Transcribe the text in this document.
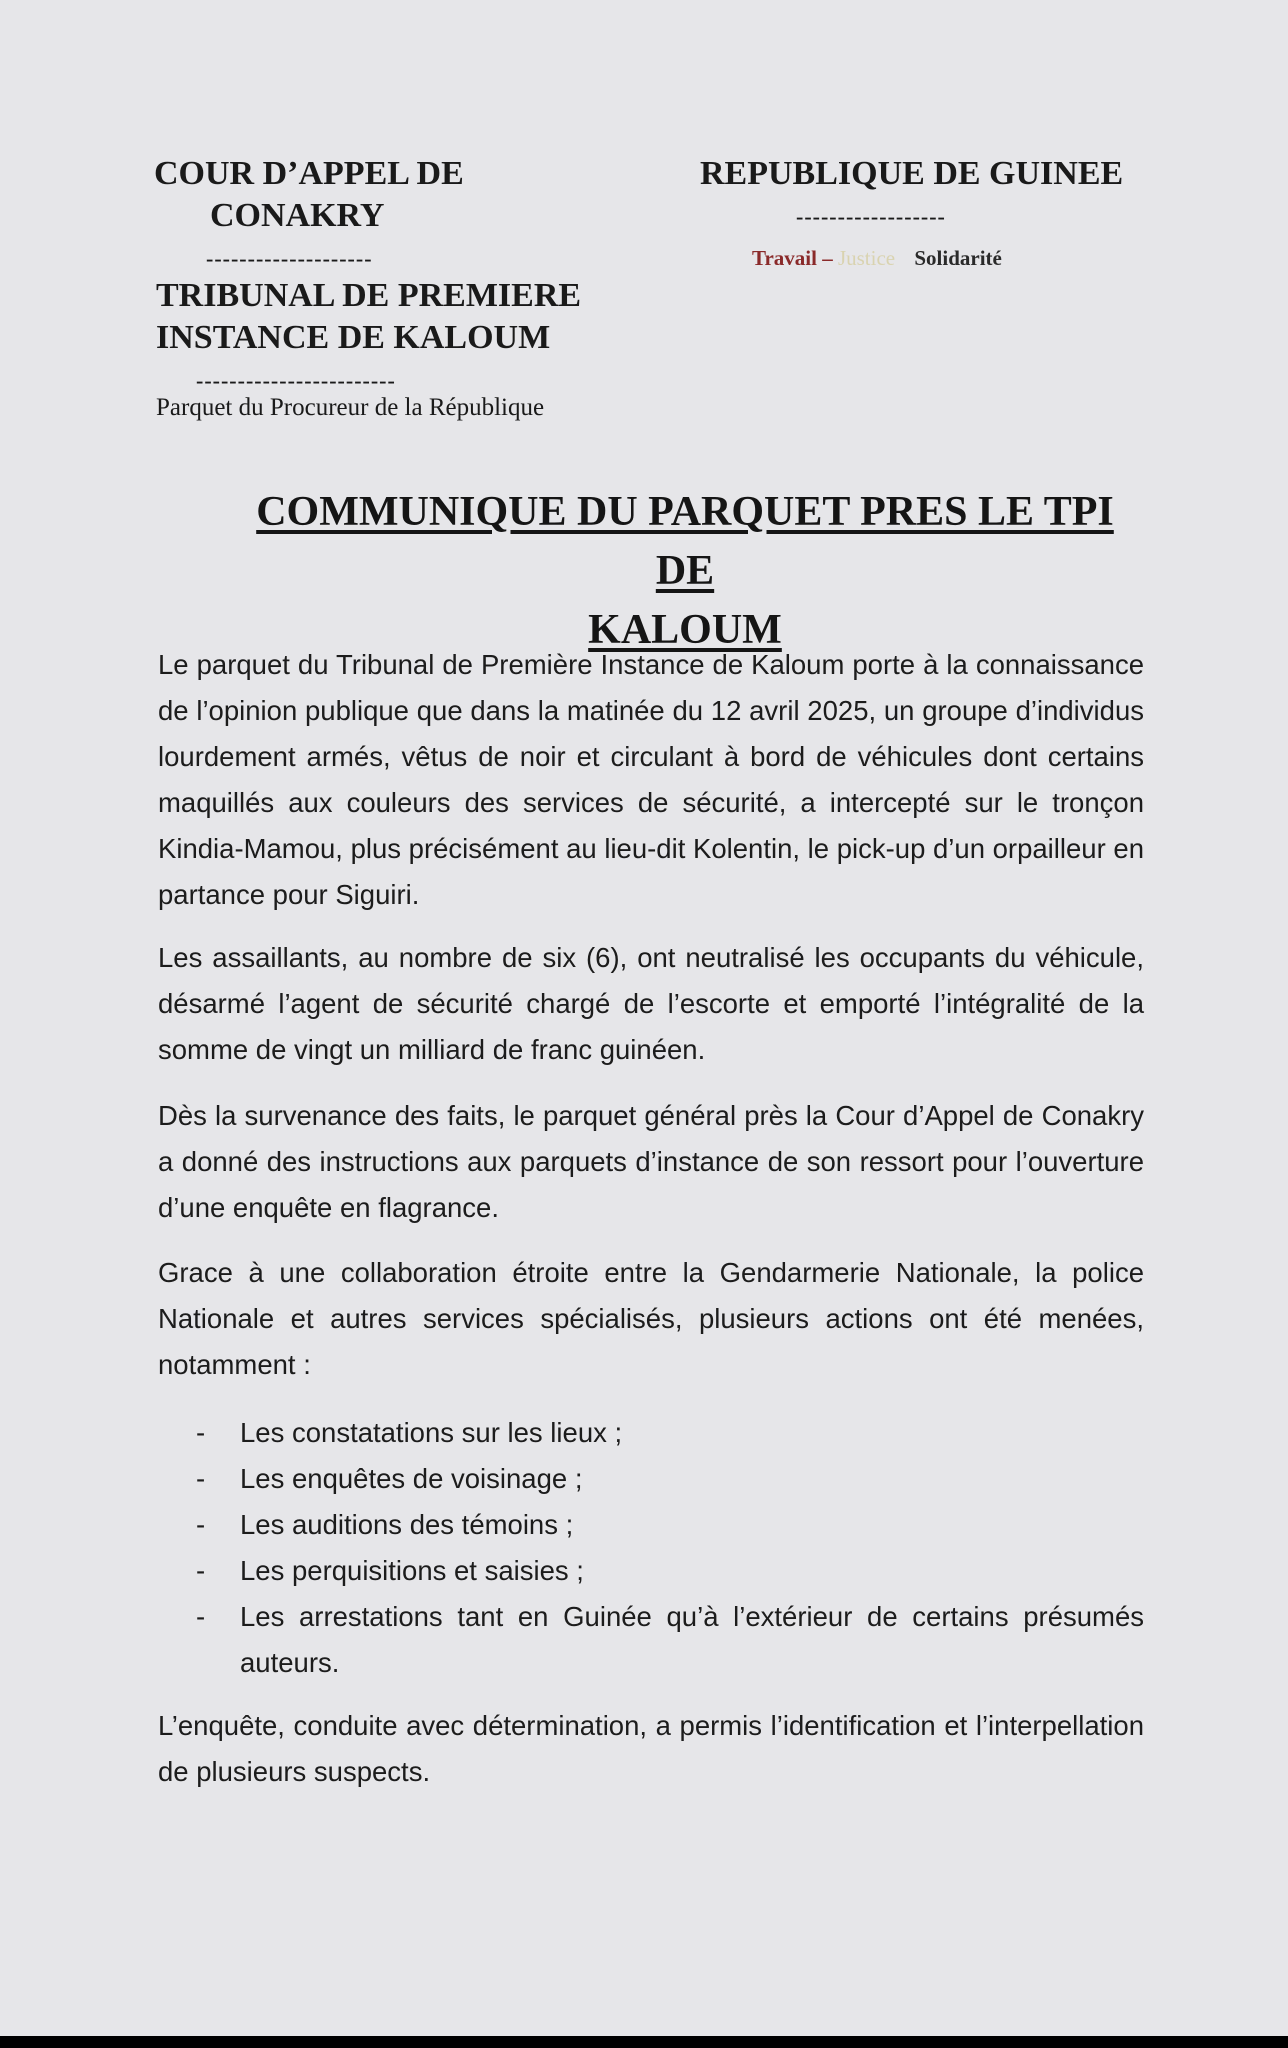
COUR D’APPEL DE
CONAKRY
--------------------
TRIBUNAL DE PREMIERE
INSTANCE DE KALOUM
------------------------
Parquet du Procureur de la République
REPUBLIQUE DE GUINEE
------------------
Travail – Justice Solidarité
COMMUNIQUE DU PARQUET PRES LE TPI DE
KALOUM

Le parquet du Tribunal de Première Instance de Kaloum porte à la connaissance de l’opinion publique que dans la matinée du 12 avril 2025, un groupe d’individus lourdement armés, vêtus de noir et circulant à bord de véhicules dont certains maquillés aux couleurs des services de sécurité, a intercepté sur le tronçon Kindia-Mamou, plus précisément au lieu-dit Kolentin, le pick-up d’un orpailleur en partance pour Siguiri.

Les assaillants, au nombre de six (6), ont neutralisé les occupants du véhicule, désarmé l’agent de sécurité chargé de l’escorte et emporté l’intégralité de la somme de vingt un milliard de franc guinéen.

Dès la survenance des faits, le parquet général près la Cour d’Appel de Conakry a donné des instructions aux parquets d’instance de son ressort pour l’ouverture d’une enquête en flagrance.

Grace à une collaboration étroite entre la Gendarmerie Nationale, la police Nationale et autres services spécialisés, plusieurs actions ont été menées, notamment :

- Les constatations sur les lieux ;
- Les enquêtes de voisinage ;
- Les auditions des témoins ;
- Les perquisitions et saisies ;
- Les arrestations tant en Guinée qu’à l’extérieur de certains présumés auteurs.

L’enquête, conduite avec détermination, a permis l’identification et l’interpellation de plusieurs suspects.
